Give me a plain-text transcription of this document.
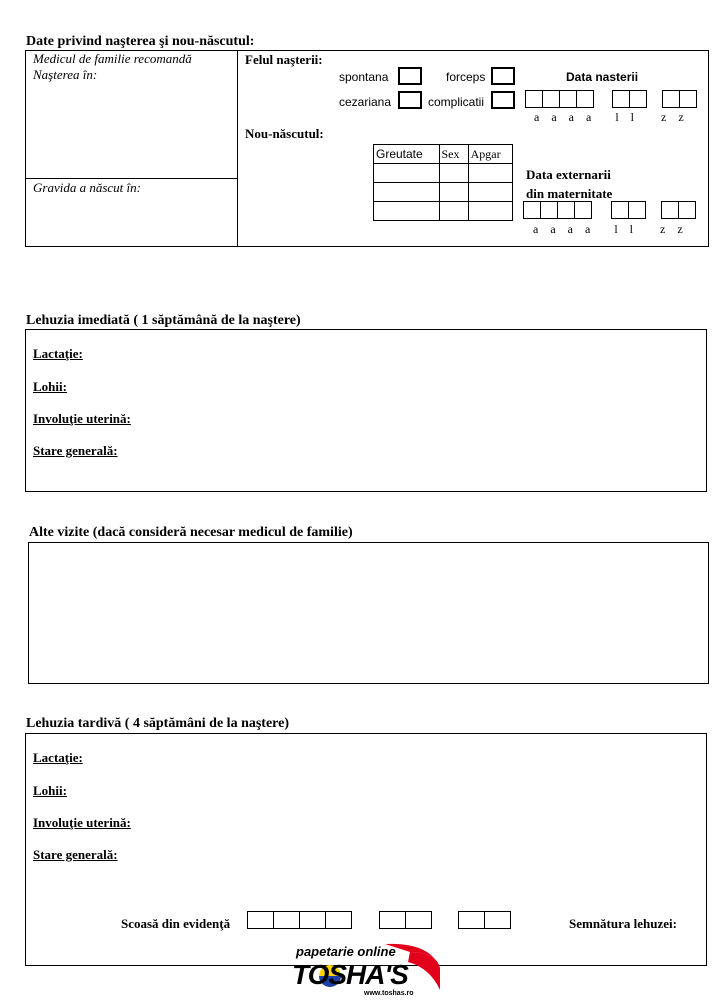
Date privind naşterea şi nou-născutul:
Medicul de familie recomandă
Naşterea în:
Gravida a născut în:
Felul naşterii:
spontana	forceps
cezariana	complicatii
Data nasterii
a a a a l l z z
Nou-născutul:
Greutate	Sex	Apgar

Data externarii
din maternitate
a a a a l l z z
Lehuzia imediată ( 1 săptămână de la naştere)
Lactaţie:
Lohii:
Involuţie uterină:
Stare generală:
Alte vizite (dacă consideră necesar medicul de familie)
Lehuzia tardivă ( 4 săptămâni de la naştere)
Lactaţie:
Lohii:
Involuţie uterină:
Stare generală:
Scoasă din evidenţă	Semnătura lehuzei:
papetarie online
TOSHA'S
www.toshas.ro
